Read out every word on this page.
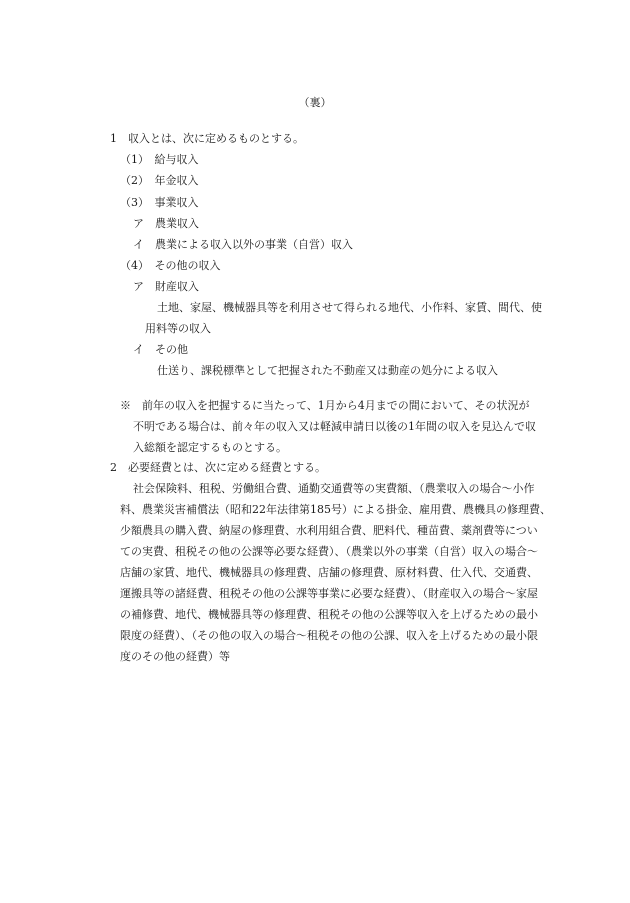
（裏）
1　収入とは、次に定めるものとする。
（1）　給与収入
（2）　年金収入
（3）　事業収入
ア　農業収入
イ　農業による収入以外の事業（自営）収入
（4）　その他の収入
ア　財産収入
土地、家屋、機械器具等を利用させて得られる地代、小作料、家賃、間代、使
用料等の収入
イ　その他
仕送り、課税標準として把握された不動産又は動産の処分による収入
※　前年の収入を把握するに当たって、1月から4月までの間において、その状況が
不明である場合は、前々年の収入又は軽減申請日以後の1年間の収入を見込んで収
入総額を認定するものとする。
2　必要経費とは、次に定める経費とする。
社会保険料、租税、労働組合費、通勤交通費等の実費額、（農業収入の場合～小作
料、農業災害補償法（昭和22年法律第185号）による掛金、雇用費、農機具の修理費、
少額農具の購入費、納屋の修理費、水利用組合費、肥料代、種苗費、薬剤費等につい
ての実費、租税その他の公課等必要な経費）、（農業以外の事業（自営）収入の場合～
店舗の家賃、地代、機械器具の修理費、店舗の修理費、原材料費、仕入代、交通費、
運搬具等の諸経費、租税その他の公課等事業に必要な経費）、（財産収入の場合～家屋
の補修費、地代、機械器具等の修理費、租税その他の公課等収入を上げるための最小
限度の経費）、（その他の収入の場合～租税その他の公課、収入を上げるための最小限
度のその他の経費）等
